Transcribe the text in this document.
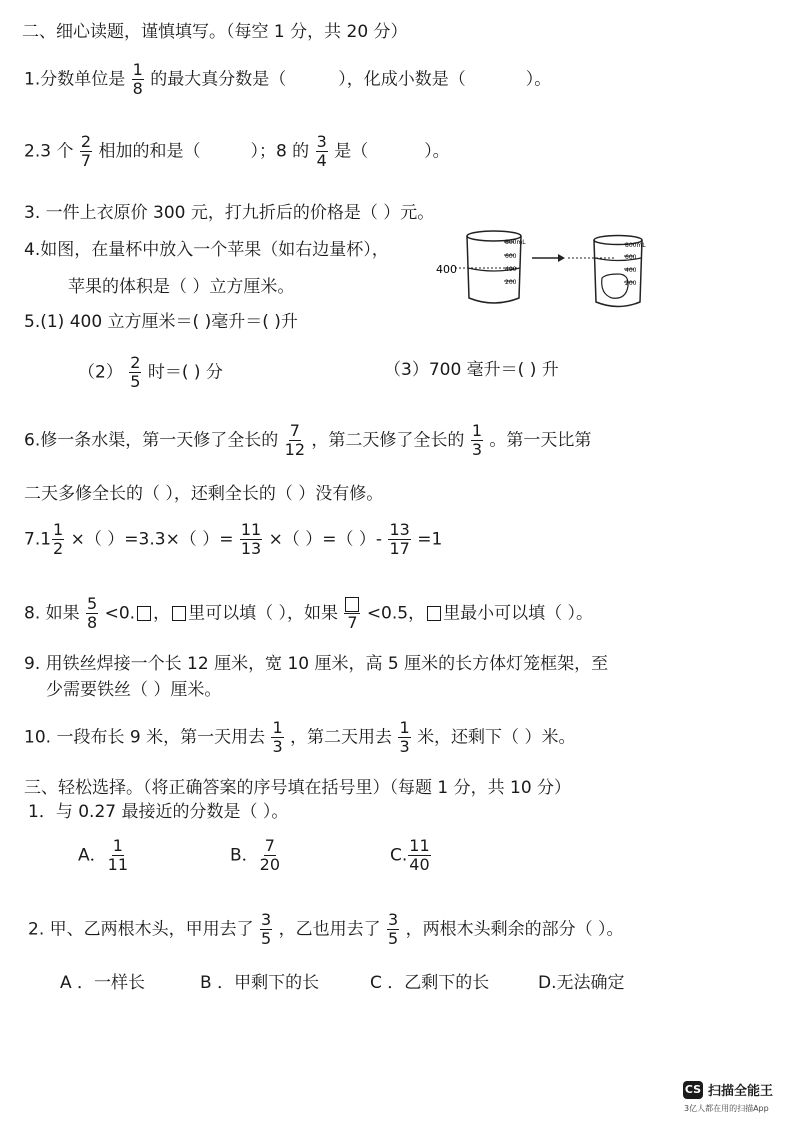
二、细心读题，谨慎填写。（每空 1 分，共 20 分）
1.分数单位是 $\frac{1}{8}$ 的最大真分数是（	），化成小数是（	）。
2.3 个 $\frac{2}{7}$ 相加的和是（	）；8 的 $\frac{3}{4}$ 是（	）。
3. 一件上衣原价 300 元，打九折后的价格是（ ）元。
4.如图，在量杯中放入一个苹果（如右边量杯），
苹果的体积是（ ）立方厘米。
800mL
600
400
200
400
800mL
600
400
200
5.(1) 400 立方厘米＝( )毫升＝( )升
$(2) \frac{2}{5}$ 时＝( ) 分	（3）700 毫升＝( ) 升
6.修一条水渠，第一天修了全长的 $\frac{7}{12}$ ，第二天修了全长的 $\frac{1}{3}$ 。第一天比第
二天多修全长的（ ），还剩全长的（ ）没有修。
$7.1 \frac{1}{2}$ ×（ ）=3.3×（ ）= $\frac{11}{13}$ ×（ ）=（ ）- $\frac{13}{17} =1$
8. 如果 $\frac{5}{8} <0$. ， 里可以填（ ），如果 7 <0.5， 里最小可以填（ ）。
9. 用铁丝焊接一个长 12 厘米，宽 10 厘米，高 5 厘米的长方体灯笼框架，至
少需要铁丝（ ）厘米。
10. 一段布长 9 米，第一天用去 $\frac{1}{3}$ ，第二天用去 $\frac{1}{3}$ 米，还剩下（ ）米。
三、轻松选择。（将正确答案的序号填在括号里）（每题 1 分，共 10 分）
1．与 0.27 最接近的分数是（ ）。
A． $\frac{1}{11}$	B． $\frac{7}{20}$	C. $\frac{11}{40}$
2. 甲、乙两根木头，甲用去了 $\frac{3}{5}$ ，乙也用去了 $\frac{3}{5}$ ，两根木头剩余的部分（ ）。
A ．一样长	B ．甲剩下的长	C ．乙剩下的长	D.无法确定
CS 扫描全能王
3亿人都在用的扫描App
